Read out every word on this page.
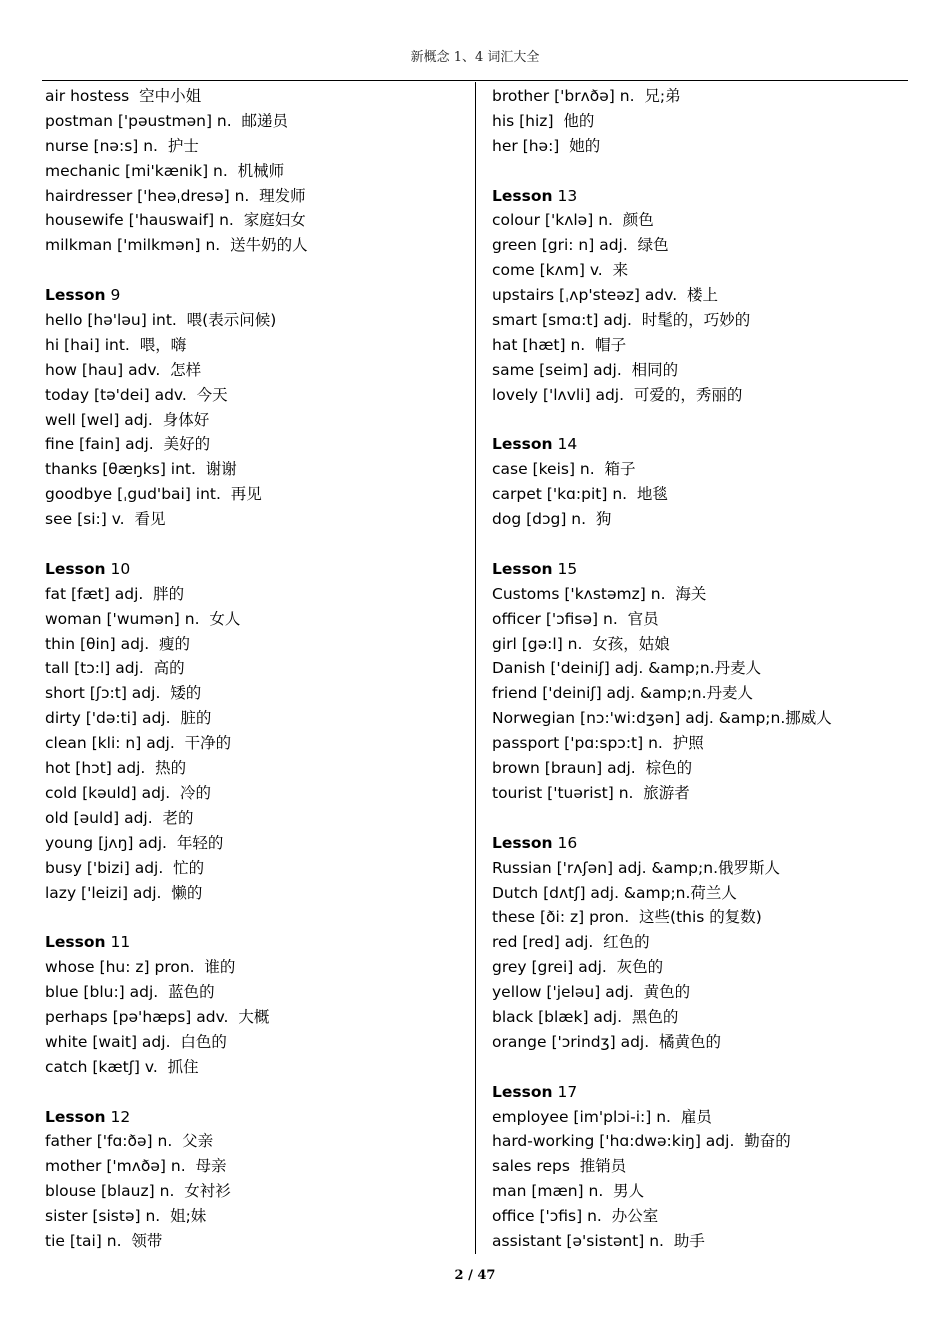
新概念 1、4 词汇大全
air hostess  空中小姐
postman ['pəustmən] n.  邮递员
nurse [nə:s] n.  护士
mechanic [mi'kænik] n.  机械师
hairdresser ['heəˌdresə] n.  理发师
housewife ['hauswaif] n.  家庭妇女
milkman ['milkmən] n.  送牛奶的人
Lesson 9
hello [hə'ləu] int.  喂(表示问候)
hi [hai] int.  喂，嗨
how [hau] adv.  怎样
today [tə'dei] adv.  今天
well [wel] adj.  身体好
fine [fain] adj.  美好的
thanks [θæŋks] int.  谢谢
goodbye [ˌgud'bai] int.  再见
see [si:] v.  看见
Lesson 10
fat [fæt] adj.  胖的
woman ['wumən] n.  女人
thin [θin] adj.  瘦的
tall [tɔ:l] adj.  高的
short [ʃɔ:t] adj.  矮的
dirty ['də:ti] adj.  脏的
clean [kli: n] adj.  干净的
hot [hɔt] adj.  热的
cold [kəuld] adj.  冷的
old [əuld] adj.  老的
young [jʌŋ] adj.  年轻的
busy ['bizi] adj.  忙的
lazy ['leizi] adj.  懒的
Lesson 11
whose [hu: z] pron.  谁的
blue [blu:] adj.  蓝色的
perhaps [pə'hæps] adv.  大概
white [wait] adj.  白色的
catch [kætʃ] v.  抓住
Lesson 12
father ['fɑ:ðə] n.  父亲
mother ['mʌðə] n.  母亲
blouse [blauz] n.  女衬衫
sister [sistə] n.  姐;妹
tie [tai] n.  领带
brother ['brʌðə] n.  兄;弟
his [hiz]  他的
her [hə:]  她的
Lesson 13
colour ['kʌlə] n.  颜色
green [gri: n] adj.  绿色
come [kʌm] v.  来
upstairs [ˌʌp'steəz] adv.  楼上
smart [smɑ:t] adj.  时髦的，巧妙的
hat [hæt] n.  帽子
same [seim] adj.  相同的
lovely ['lʌvli] adj.  可爱的，秀丽的
Lesson 14
case [keis] n.  箱子
carpet ['kɑ:pit] n.  地毯
dog [dɔg] n.  狗
Lesson 15
Customs ['kʌstəmz] n.  海关
officer ['ɔfisə] n.  官员
girl [gə:l] n.  女孩，姑娘
Danish ['deiniʃ] adj. &amp;n.丹麦人
friend ['deiniʃ] adj. &amp;n.丹麦人
Norwegian [nɔ:'wi:dʒən] adj. &amp;n.挪威人
passport ['pɑ:spɔ:t] n.  护照
brown [braun] adj.  棕色的
tourist ['tuərist] n.  旅游者
Lesson 16
Russian ['rʌʃən] adj. &amp;n.俄罗斯人
Dutch [dʌtʃ] adj. &amp;n.荷兰人
these [ði: z] pron.  这些(this 的复数)
red [red] adj.  红色的
grey [grei] adj.  灰色的
yellow ['jeləu] adj.  黄色的
black [blæk] adj.  黑色的
orange ['ɔrindʒ] adj.  橘黄色的
Lesson 17
employee [im'plɔi-i:] n.  雇员
hard-working ['hɑ:dwə:kiŋ] adj.  勤奋的
sales reps  推销员
man [mæn] n.  男人
office ['ɔfis] n.  办公室
assistant [ə'sistənt] n.  助手
2 / 47
